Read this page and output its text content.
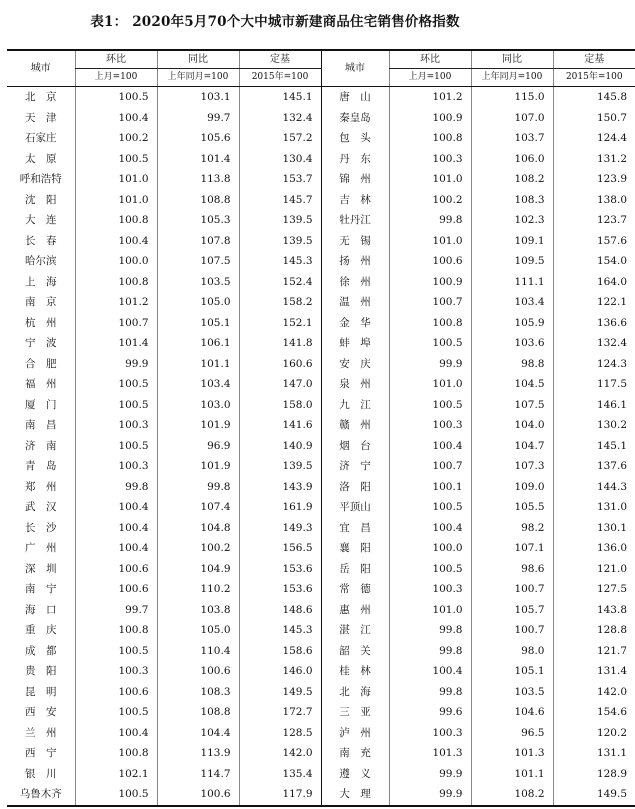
表1： 2020年5月70个大中城市新建商品住宅销售价格指数
城市	环比	同比	定基	城市	环比	同比	定基
	上月=100	上年同月=100	2015年=100		上月=100	上年同月=100	2015年=100
北　京	100.5	103.1	145.1	唐　山	101.2	115.0	145.8
天　津	100.4	99.7	132.4	秦皇岛	100.9	107.0	150.7
石家庄	100.2	105.6	157.2	包　头	100.8	103.7	124.4
太　原	100.5	101.4	130.4	丹　东	100.3	106.0	131.2
呼和浩特	101.0	113.8	153.7	锦　州	101.0	108.2	123.9
沈　阳	101.0	108.8	145.7	吉　林	100.2	108.3	138.0
大　连	100.8	105.3	139.5	牡丹江	99.8	102.3	123.7
长　春	100.4	107.8	139.5	无　锡	101.0	109.1	157.6
哈尔滨	100.0	107.5	145.3	扬　州	100.6	109.5	154.0
上　海	100.8	103.5	152.4	徐　州	100.9	111.1	164.0
南　京	101.2	105.0	158.2	温　州	100.7	103.4	122.1
杭　州	100.7	105.1	152.1	金　华	100.8	105.9	136.6
宁　波	101.4	106.1	141.8	蚌　埠	100.5	103.6	132.4
合　肥	99.9	101.1	160.6	安　庆	99.9	98.8	124.3
福　州	100.5	103.4	147.0	泉　州	101.0	104.5	117.5
厦　门	100.5	103.0	158.0	九　江	100.5	107.5	146.1
南　昌	100.3	101.9	141.6	赣　州	100.3	104.0	130.2
济　南	100.5	96.9	140.9	烟　台	100.4	104.7	145.1
青　岛	100.3	101.9	139.5	济　宁	100.7	107.3	137.6
郑　州	99.8	99.8	143.9	洛　阳	100.1	109.0	144.3
武　汉	100.4	107.4	161.9	平顶山	100.5	105.5	131.0
长　沙	100.4	104.8	149.3	宜　昌	100.4	98.2	130.1
广　州	100.4	100.2	156.5	襄　阳	100.0	107.1	136.0
深　圳	100.6	104.9	153.6	岳　阳	100.5	98.6	121.0
南　宁	100.6	110.2	153.6	常　德	100.3	100.7	127.5
海　口	99.7	103.8	148.6	惠　州	101.0	105.7	143.8
重　庆	100.8	105.0	145.3	湛　江	99.8	100.7	128.8
成　都	100.5	110.4	158.6	韶　关	99.8	98.0	121.7
贵　阳	100.3	100.6	146.0	桂　林	100.4	105.1	131.4
昆　明	100.6	108.3	149.5	北　海	99.8	103.5	142.0
西　安	100.5	108.8	172.7	三　亚	99.6	104.6	154.6
兰　州	100.4	104.4	128.5	泸　州	100.3	96.5	120.2
西　宁	100.8	113.9	142.0	南　充	101.3	101.3	131.1
银　川	102.1	114.7	135.4	遵　义	99.9	101.1	128.9
乌鲁木齐	100.5	100.6	117.9	大　理	99.9	108.2	149.5
